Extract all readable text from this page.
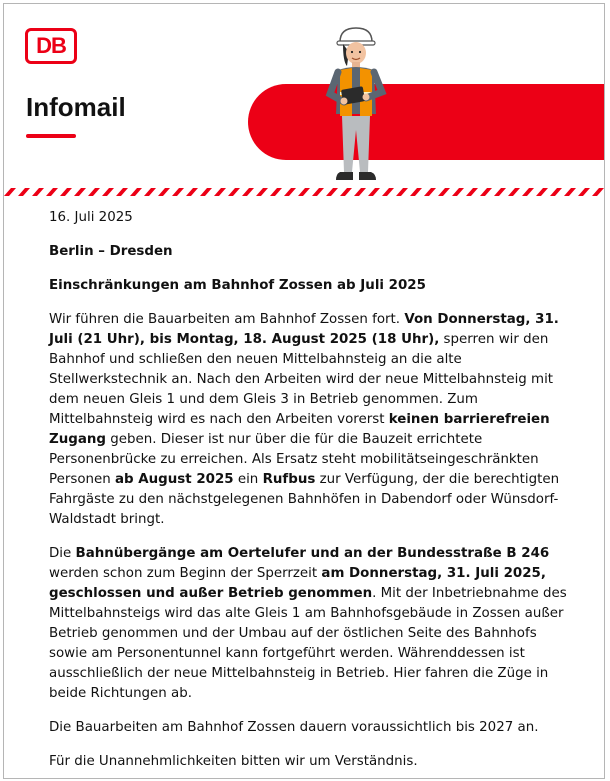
DB
Infomail

16. Juli 2025

Berlin – Dresden

Einschränkungen am Bahnhof Zossen ab Juli 2025

Wir führen die Bauarbeiten am Bahnhof Zossen fort. Von Donnerstag, 31. Juli (21 Uhr), bis Montag, 18. August 2025 (18 Uhr), sperren wir den Bahnhof und schließen den neuen Mittelbahnsteig an die alte Stellwerkstechnik an. Nach den Arbeiten wird der neue Mittelbahnsteig mit dem neuen Gleis 1 und dem Gleis 3 in Betrieb genommen. Zum Mittelbahnsteig wird es nach den Arbeiten vorerst keinen barrierefreien Zugang geben. Dieser ist nur über die für die Bauzeit errichtete Personenbrücke zu erreichen. Als Ersatz steht mobilitätseingeschränkten Personen ab August 2025 ein Rufbus zur Verfügung, der die berechtigten Fahrgäste zu den nächstgelegenen Bahnhöfen in Dabendorf oder Wünsdorf-Waldstadt bringt.

Die Bahnübergänge am Oertelufer und an der Bundesstraße B 246 werden schon zum Beginn der Sperrzeit am Donnerstag, 31. Juli 2025, geschlossen und außer Betrieb genommen. Mit der Inbetriebnahme des Mittelbahnsteigs wird das alte Gleis 1 am Bahnhofsgebäude in Zossen außer Betrieb genommen und der Umbau auf der östlichen Seite des Bahnhofs sowie am Personentunnel kann fortgeführt werden. Währenddessen ist ausschließlich der neue Mittelbahnsteig in Betrieb. Hier fahren die Züge in beide Richtungen ab.

Die Bauarbeiten am Bahnhof Zossen dauern voraussichtlich bis 2027 an.

Für die Unannehmlichkeiten bitten wir um Verständnis.
